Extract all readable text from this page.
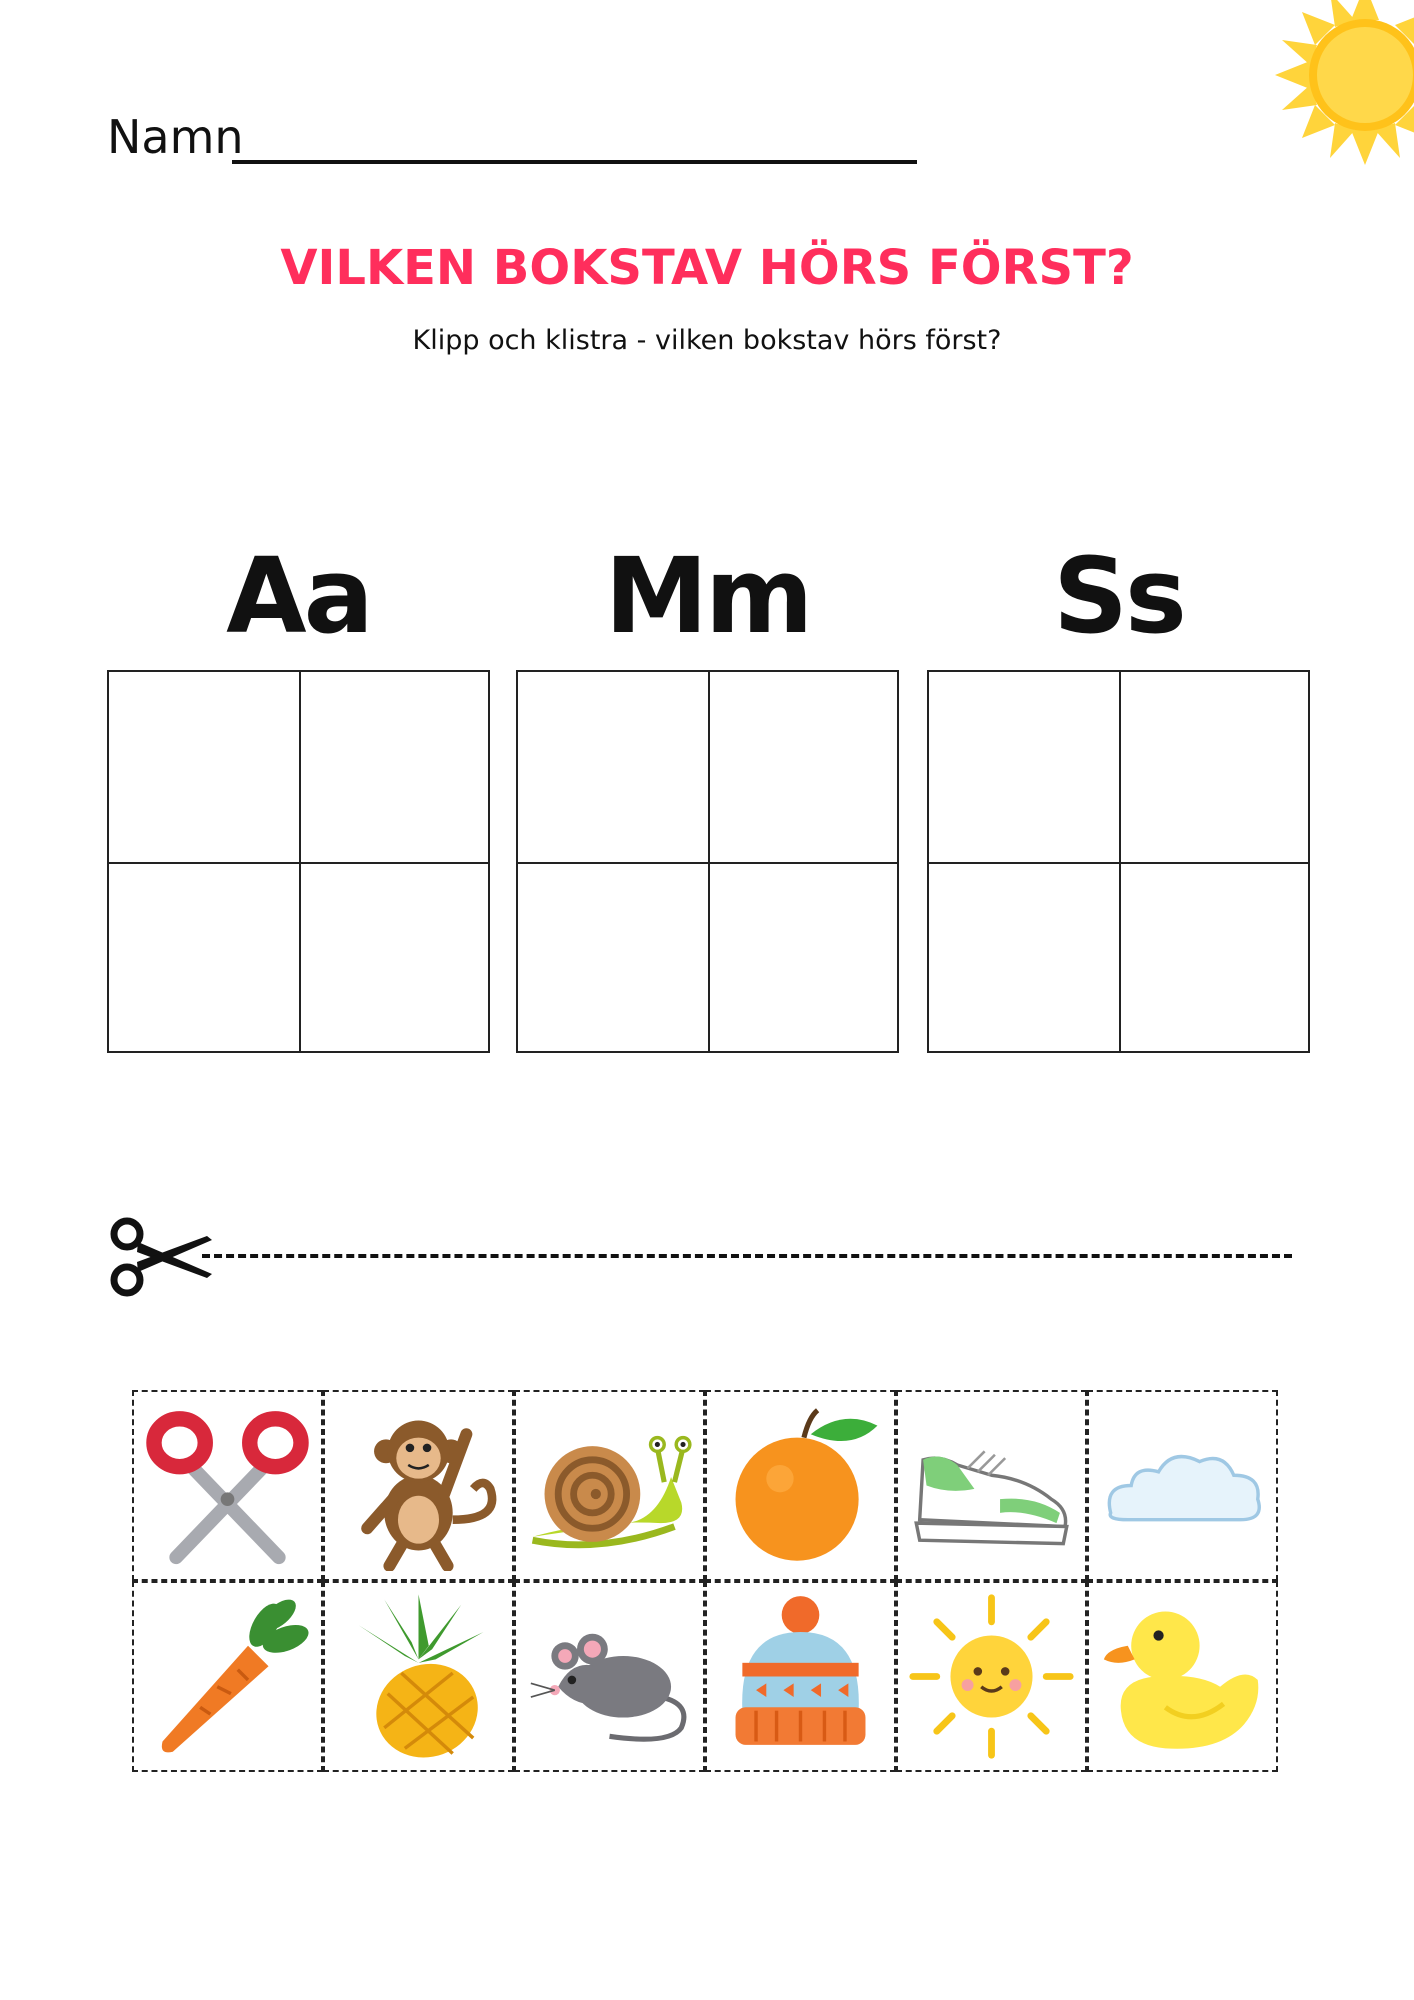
Namn
VILKEN BOKSTAV HÖRS FÖRST?
Klipp och klistra - vilken bokstav hörs först?
Aa	Mm	Ss
